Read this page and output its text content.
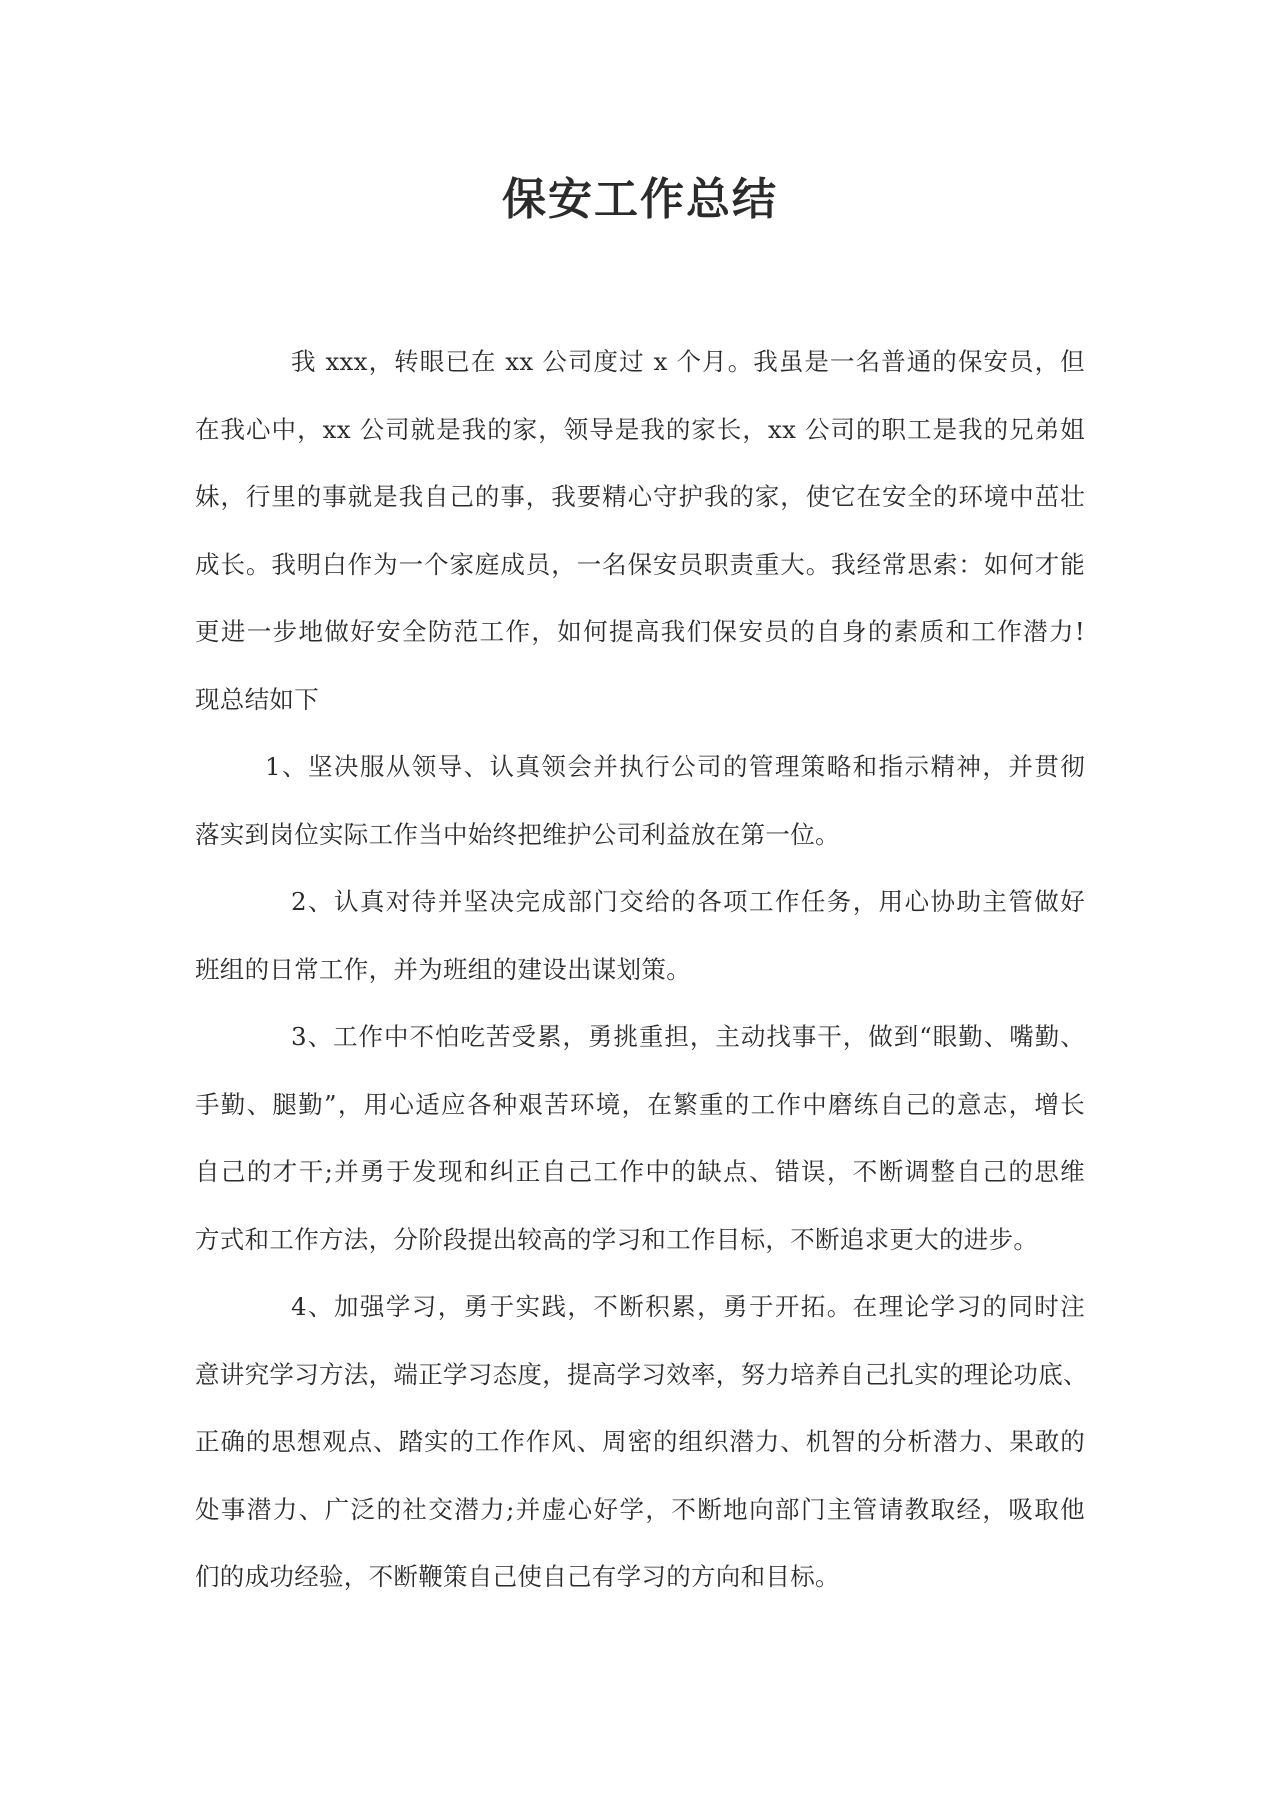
保安工作总结
我 xxx，转眼已在 xx 公司度过 x 个月。我虽是一名普通的保安员，但
在我心中，xx 公司就是我的家，领导是我的家长，xx 公司的职工是我的兄弟姐
妹，行里的事就是我自己的事，我要精心守护我的家，使它在安全的环境中茁壮
成长。我明白作为一个家庭成员，一名保安员职责重大。我经常思索：如何才能
更进一步地做好安全防范工作，如何提高我们保安员的自身的素质和工作潜力!
现总结如下
1、坚决服从领导、认真领会并执行公司的管理策略和指示精神，并贯彻
落实到岗位实际工作当中始终把维护公司利益放在第一位。
2、认真对待并坚决完成部门交给的各项工作任务，用心协助主管做好
班组的日常工作，并为班组的建设出谋划策。
3、工作中不怕吃苦受累，勇挑重担，主动找事干，做到“眼勤、嘴勤、
手勤、腿勤”，用心适应各种艰苦环境，在繁重的工作中磨练自己的意志，增长
自己的才干;并勇于发现和纠正自己工作中的缺点、错误，不断调整自己的思维
方式和工作方法，分阶段提出较高的学习和工作目标，不断追求更大的进步。
4、加强学习，勇于实践，不断积累，勇于开拓。在理论学习的同时注
意讲究学习方法，端正学习态度，提高学习效率，努力培养自己扎实的理论功底、
正确的思想观点、踏实的工作作风、周密的组织潜力、机智的分析潜力、果敢的
处事潜力、广泛的社交潜力;并虚心好学，不断地向部门主管请教取经，吸取他
们的成功经验，不断鞭策自己使自己有学习的方向和目标。
